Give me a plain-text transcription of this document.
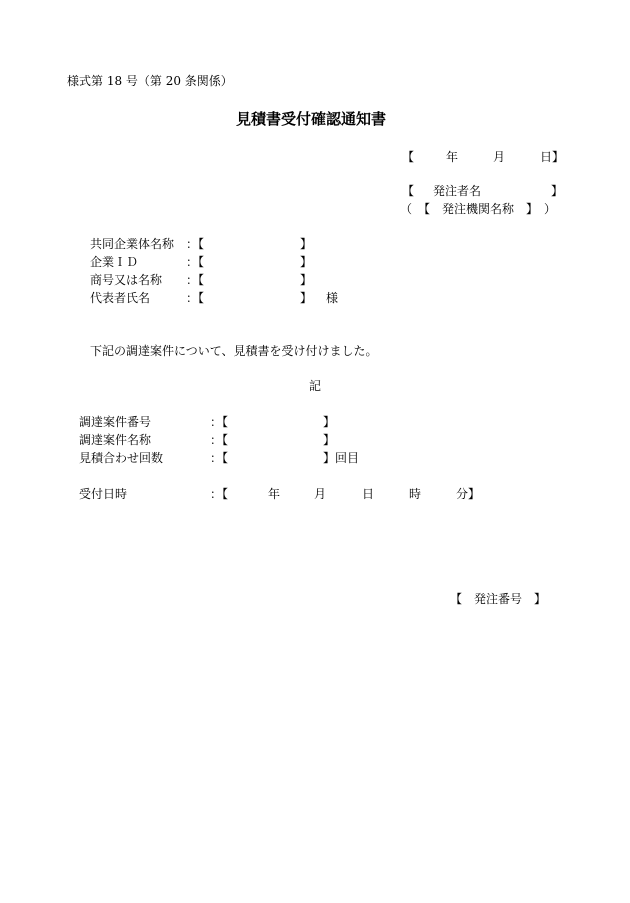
様式第 18 号（第 20 条関係）
見積書受付確認通知書
【	年	月	日】
【 発注者名	】
（　【　発注機関名称　】　）
共同企業体名称 ：【	】
企業ＩＤ	：【	】
商号又は名称 ：【	】
代表者氏名	：【	】 様
下記の調達案件について、見積書を受け付けました。
記
調達案件番号	：【	】
調達案件名称	：【	】
見積合わせ回数	：【	】 回目
受付日時	：【	年	月	日	時	分】
【　発注番号　】
